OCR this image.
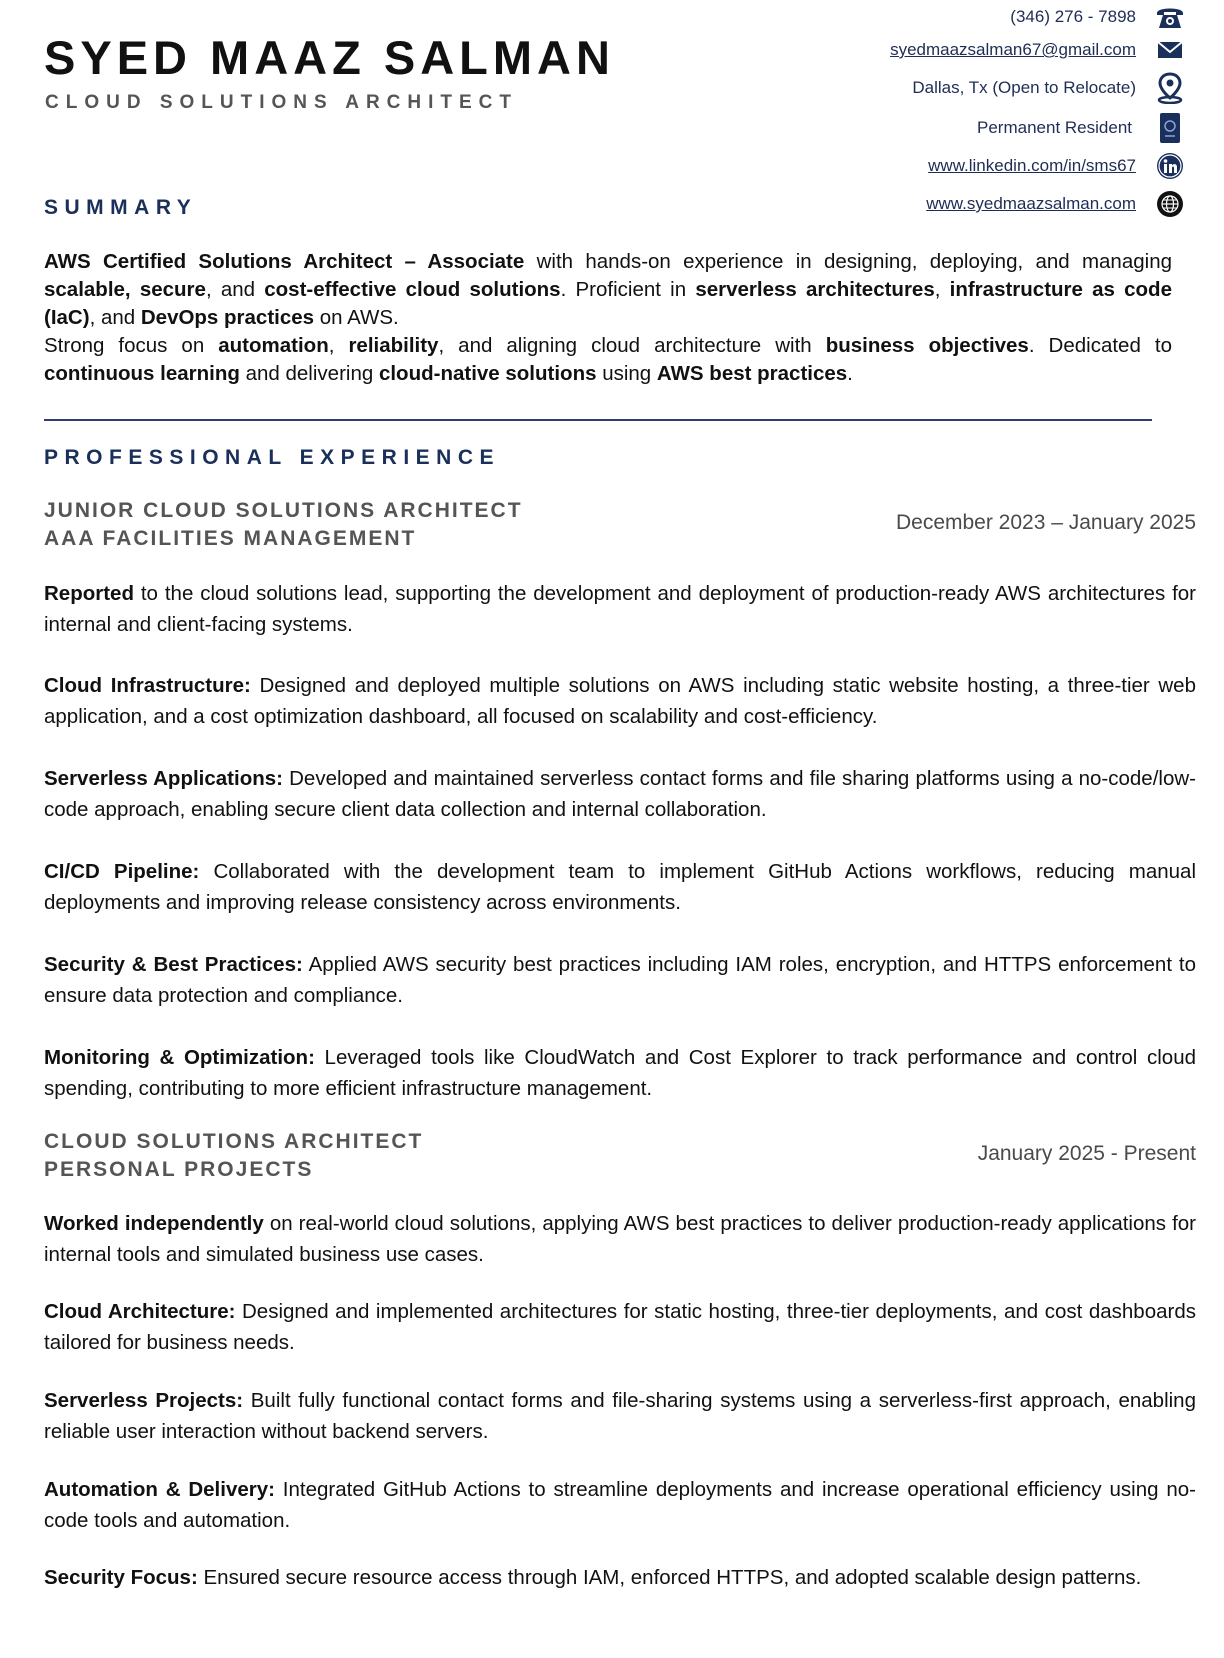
SYED MAAZ SALMAN
CLOUD SOLUTIONS ARCHITECT
(346) 276 - 7898
syedmaazsalman67@gmail.com
Dallas, Tx (Open to Relocate)
Permanent Resident
www.linkedin.com/in/sms67
www.syedmaazsalman.com
SUMMARY

AWS Certified Solutions Architect – Associate with hands-on experience in designing, deploying, and managing scalable, secure, and cost-effective cloud solutions. Proficient in serverless architectures, infrastructure as code (IaC), and DevOps practices on AWS.

Strong focus on automation, reliability, and aligning cloud architecture with business objectives. Dedicated to continuous learning and delivering cloud-native solutions using AWS best practices.

PROFESSIONAL EXPERIENCE
JUNIOR CLOUD SOLUTIONS ARCHITECT
AAA FACILITIES MANAGEMENT
December 2023 – January 2025

Reported to the cloud solutions lead, supporting the development and deployment of production-ready AWS architectures for internal and client-facing systems.

Cloud Infrastructure: Designed and deployed multiple solutions on AWS including static website hosting, a three-tier web application, and a cost optimization dashboard, all focused on scalability and cost-efficiency.

Serverless Applications: Developed and maintained serverless contact forms and file sharing platforms using a no-code/low-code approach, enabling secure client data collection and internal collaboration.

CI/CD Pipeline: Collaborated with the development team to implement GitHub Actions workflows, reducing manual deployments and improving release consistency across environments.

Security & Best Practices: Applied AWS security best practices including IAM roles, encryption, and HTTPS enforcement to ensure data protection and compliance.

Monitoring & Optimization: Leveraged tools like CloudWatch and Cost Explorer to track performance and control cloud spending, contributing to more efficient infrastructure management.

CLOUD SOLUTIONS ARCHITECT
PERSONAL PROJECTS
January 2025 - Present

Worked independently on real-world cloud solutions, applying AWS best practices to deliver production-ready applications for internal tools and simulated business use cases.

Cloud Architecture: Designed and implemented architectures for static hosting, three-tier deployments, and cost dashboards tailored for business needs.

Serverless Projects: Built fully functional contact forms and file-sharing systems using a serverless-first approach, enabling reliable user interaction without backend servers.

Automation & Delivery: Integrated GitHub Actions to streamline deployments and increase operational efficiency using no-code tools and automation.

Security Focus: Ensured secure resource access through IAM, enforced HTTPS, and adopted scalable design patterns.
